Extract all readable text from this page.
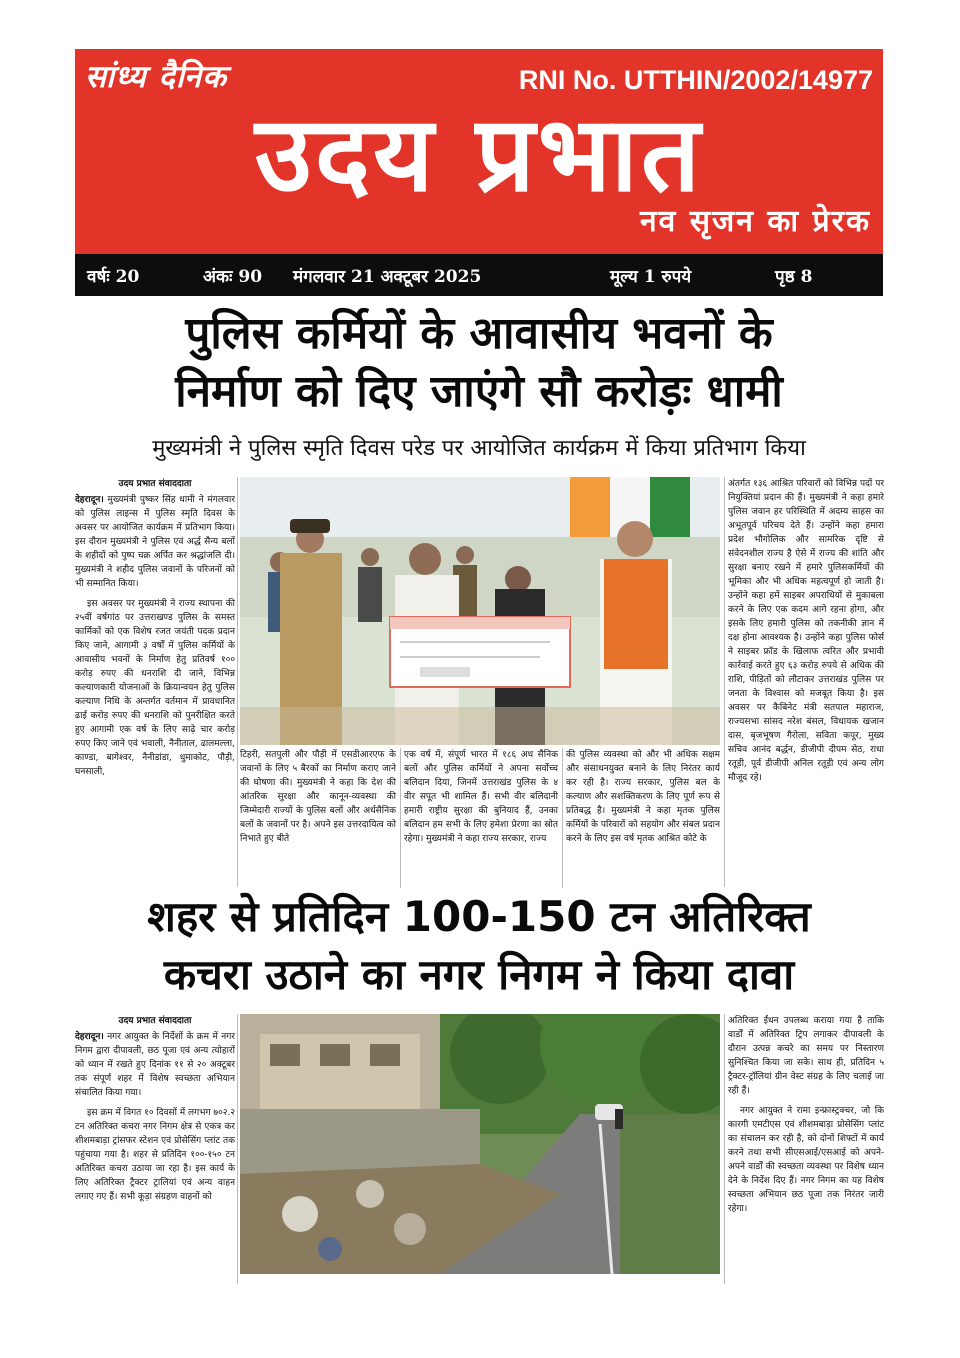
सांध्य दैनिक	RNI No. UTTHIN/2002/14977
उदय प्रभात
नव सृजन का प्रेरक
वर्षः 20	अंकः 90 मंगलवार 21 अक्टूबर 2025	मूल्य 1 रुपये	पृष्ठ 8
पुलिस कर्मियों के आवासीय भवनों के
निर्माण को दिए जाएंगे सौ करोड़ः धामी
मुख्यमंत्री ने पुलिस स्मृति दिवस परेड पर आयोजित कार्यक्रम में किया प्रतिभाग किया
उदय प्रभात संवाददाता

देहरादून। मुख्यमंत्री पुष्कर सिंह धामी ने मंगलवार को पुलिस लाइन्स में पुलिस स्मृति दिवस के अवसर पर आयोजित कार्यक्रम में प्रतिभाग किया। इस दौरान मुख्यमंत्री ने पुलिस एवं अर्द्ध सैन्य बलों के शहीदों को पुष्प चक्र अर्पित कर श्रद्धांजलि दी। मुख्यमंत्री ने शहीद पुलिस जवानों के परिजनों को भी सम्मानित किया।

इस अवसर पर मुख्यमंत्री ने राज्य स्थापना की २५वीं वर्षगांठ पर उत्तराखण्ड पुलिस के समस्त कार्मिकों को एक विशेष रजत जयंती पदक प्रदान किए जाने, आगामी ३ वर्षों में पुलिस कर्मियों के आवासीय भवनों के निर्माण हेतु प्रतिवर्ष १०० करोड़ रुपए की धनराशि दी जाने, विभिन्न कल्याणकारी योजनाओं के क्रियान्वयन हेतु पुलिस कल्याण निधि के अन्तर्गत वर्तमान में प्रावधानित ढाई करोड़ रुपए की धनराशि को पुनरीक्षित करते हुए आगामी एक वर्ष के लिए साढ़े चार करोड़ रुपए किए जाने एवं भवाली, नैनीताल, ढालमल्ला, काण्डा, बागेश्वर, नैनीडांडा, धुमाकोट, पौड़ी, घनसाली,

टिहरी, सतपुली और पौड़ी में एसडीआरएफ के जवानों के लिए ५ बैरकों का निर्माण कराए जाने की घोषणा की। मुख्यमंत्री ने कहा कि देश की आंतरिक सुरक्षा और कानून-व्यवस्था की जिम्मेदारी राज्यों के पुलिस बलों और अर्धसैनिक बलों के जवानों पर है। अपने इस उत्तरदायित्व को निभाते हुए बीते

एक वर्ष में, संपूर्ण भारत में १८६ अध सैनिक बलों और पुलिस कर्मियों ने अपना सर्वोच्च बलिदान दिया, जिनमें उत्तराखंड पुलिस के ४ वीर सपूत भी शामिल हैं। सभी वीर बलिदानी हमारी राष्ट्रीय सुरक्षा की बुनियाद हैं, उनका बलिदान हम सभी के लिए हमेशा प्रेरणा का स्रोत रहेगा। मुख्यमंत्री ने कहा राज्य सरकार, राज्य

की पुलिस व्यवस्था को और भी अधिक सक्षम और संसाधनयुक्त बनाने के लिए निरंतर कार्य कर रही है। राज्य सरकार, पुलिस बल के कल्याण और सशक्तिकरण के लिए पूर्ण रूप से प्रतिबद्ध है। मुख्यमंत्री ने कहा मृतक पुलिस कर्मियों के परिवारों को सहयोग और संबल प्रदान करने के लिए इस वर्ष मृतक आश्रित कोटे के

अंतर्गत १३६ आश्रित परिवारों को विभिन्न पदों पर नियुक्तियां प्रदान की हैं। मुख्यमंत्री ने कहा हमारे पुलिस जवान हर परिस्थिति में अदम्य साहस का अभूतपूर्व परिचय देते हैं। उन्होंने कहा हमारा प्रदेश भौगोलिक और सामरिक दृष्टि से संवेदनशील राज्य है ऐसे में राज्य की शांति और सुरक्षा बनाए रखने में हमारे पुलिसकर्मियों की भूमिका और भी अधिक महत्वपूर्ण हो जाती है। उन्होंने कहा हमें साइबर अपराधियों से मुकाबला करने के लिए एक कदम आगे रहना होगा, और इसके लिए हमारी पुलिस को तकनीकी ज्ञान में दक्ष होना आवश्यक है। उन्होंने कहा पुलिस फोर्स ने साइबर फ्रॉड के खिलाफ त्वरित और प्रभावी कार्रवाई करते हुए ६३ करोड़ रुपये से अधिक की राशि, पीड़ितों को लौटाकर उत्तराखंड पुलिस पर जनता के विश्वास को मजबूत किया है। इस अवसर पर कैबिनेट मंत्री सतपाल महाराज, राज्यसभा सांसद नरेश बंसल, विधायक खजान दास, बृजभूषण गैरोला, सविता कपूर, मुख्य सचिव आनंद बर्द्धन, डीजीपी दीपम सेठ, राधा रतूड़ी, पूर्व डीजीपी अनिल रतूड़ी एवं अन्य लोग मौजूद रहे।

शहर से प्रतिदिन 100-150 टन अतिरिक्त
कचरा उठाने का नगर निगम ने किया दावा
उदय प्रभात संवाददाता

देहरादून। नगर आयुक्त के निर्देशों के क्रम में नगर निगम द्वारा दीपावली, छठ पूजा एवं अन्य त्योहारों को ध्यान में रखते हुए दिनांक ११ से २० अक्टूबर तक संपूर्ण शहर में विशेष स्वच्छता अभियान संचालित किया गया।

इस क्रम में विगत १० दिवसों में लगभग ७०२.२ टन अतिरिक्त कचरा नगर निगम क्षेत्र से एकत्र कर शीशमबाड़ा ट्रांसफर स्टेशन एवं प्रोसेसिंग प्लांट तक पहुंचाया गया है। शहर से प्रतिदिन १००-१५० टन अतिरिक्त कचरा उठाया जा रहा है। इस कार्य के लिए अतिरिक्त ट्रैक्टर ट्रालियां एवं अन्य वाहन लगाए गए हैं। सभी कूड़ा संग्रहण वाहनों को

अतिरिक्त ईंधन उपलब्ध कराया गया है ताकि वार्डों में अतिरिक्त ट्रिप लगाकर दीपावली के दौरान उत्पन्न कचरे का समय पर निस्तारण सुनिश्चित किया जा सके। साथ ही, प्रतिदिन ५ ट्रैक्टर-ट्रॉलियां ग्रीन वेस्ट संग्रह के लिए चलाई जा रही हैं।

नगर आयुक्त ने रामा इन्फ्रास्ट्रक्चर, जो कि कारगी एमटीएस एवं शीशमबाड़ा प्रोसेसिंग प्लांट का संचालन कर रही है, को दोनों शिफ्टों में कार्य करने तथा सभी सीएसआई/एसआई को अपने-अपने वार्डों की स्वच्छता व्यवस्था पर विशेष ध्यान देने के निर्देश दिए हैं। नगर निगम का यह विशेष स्वच्छता अभियान छठ पूजा तक निरंतर जारी रहेगा।
